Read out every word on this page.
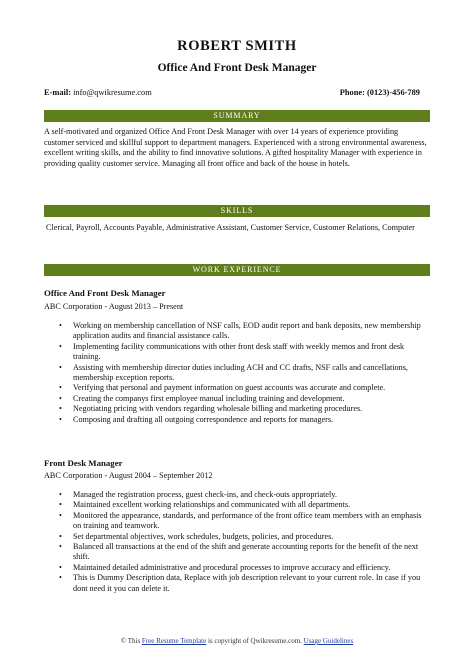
ROBERT SMITH
Office And Front Desk Manager
E-mail: info@qwikresume.com	Phone: (0123)-456-789
SUMMARY
A self-motivated and organized Office And Front Desk Manager with over 14 years of experience providing customer serviced and skillful support to department managers. Experienced with a strong environmental awareness, excellent writing skills, and the ability to find innovative solutions. A gifted hospitality Manager with experience in providing quality customer service. Managing all front office and back of the house in hotels.
SKILLS
Clerical, Payroll, Accounts Payable, Administrative Assistant, Customer Service, Customer Relations, Computer
WORK EXPERIENCE
Office And Front Desk Manager
ABC Corporation - August 2013 – Present
• Working on membership cancellation of NSF calls, EOD audit report and bank deposits, new membership application audits and financial assistance calls.
• Implementing facility communications with other front desk staff with weekly memos and front desk training.
• Assisting with membership director duties including ACH and CC drafts, NSF calls and cancellations, membership exception reports.
• Verifying that personal and payment information on guest accounts was accurate and complete.
• Creating the companys first employee manual including training and development.
• Negotiating pricing with vendors regarding wholesale billing and marketing procedures.
• Composing and drafting all outgoing correspondence and reports for managers.
Front Desk Manager
ABC Corporation - August 2004 – September 2012
• Managed the registration process, guest check-ins, and check-outs appropriately.
• Maintained excellent working relationships and communicated with all departments.
• Monitored the appearance, standards, and performance of the front office team members with an emphasis on training and teamwork.
• Set departmental objectives, work schedules, budgets, policies, and procedures.
• Balanced all transactions at the end of the shift and generate accounting reports for the benefit of the next shift.
• Maintained detailed administrative and procedural processes to improve accuracy and efficiency.
• This is Dummy Description data, Replace with job description relevant to your current role. In case if you dont need it you can delete it.
© This Free Resume Template is copyright of Qwikresume.com. Usage Guidelines
